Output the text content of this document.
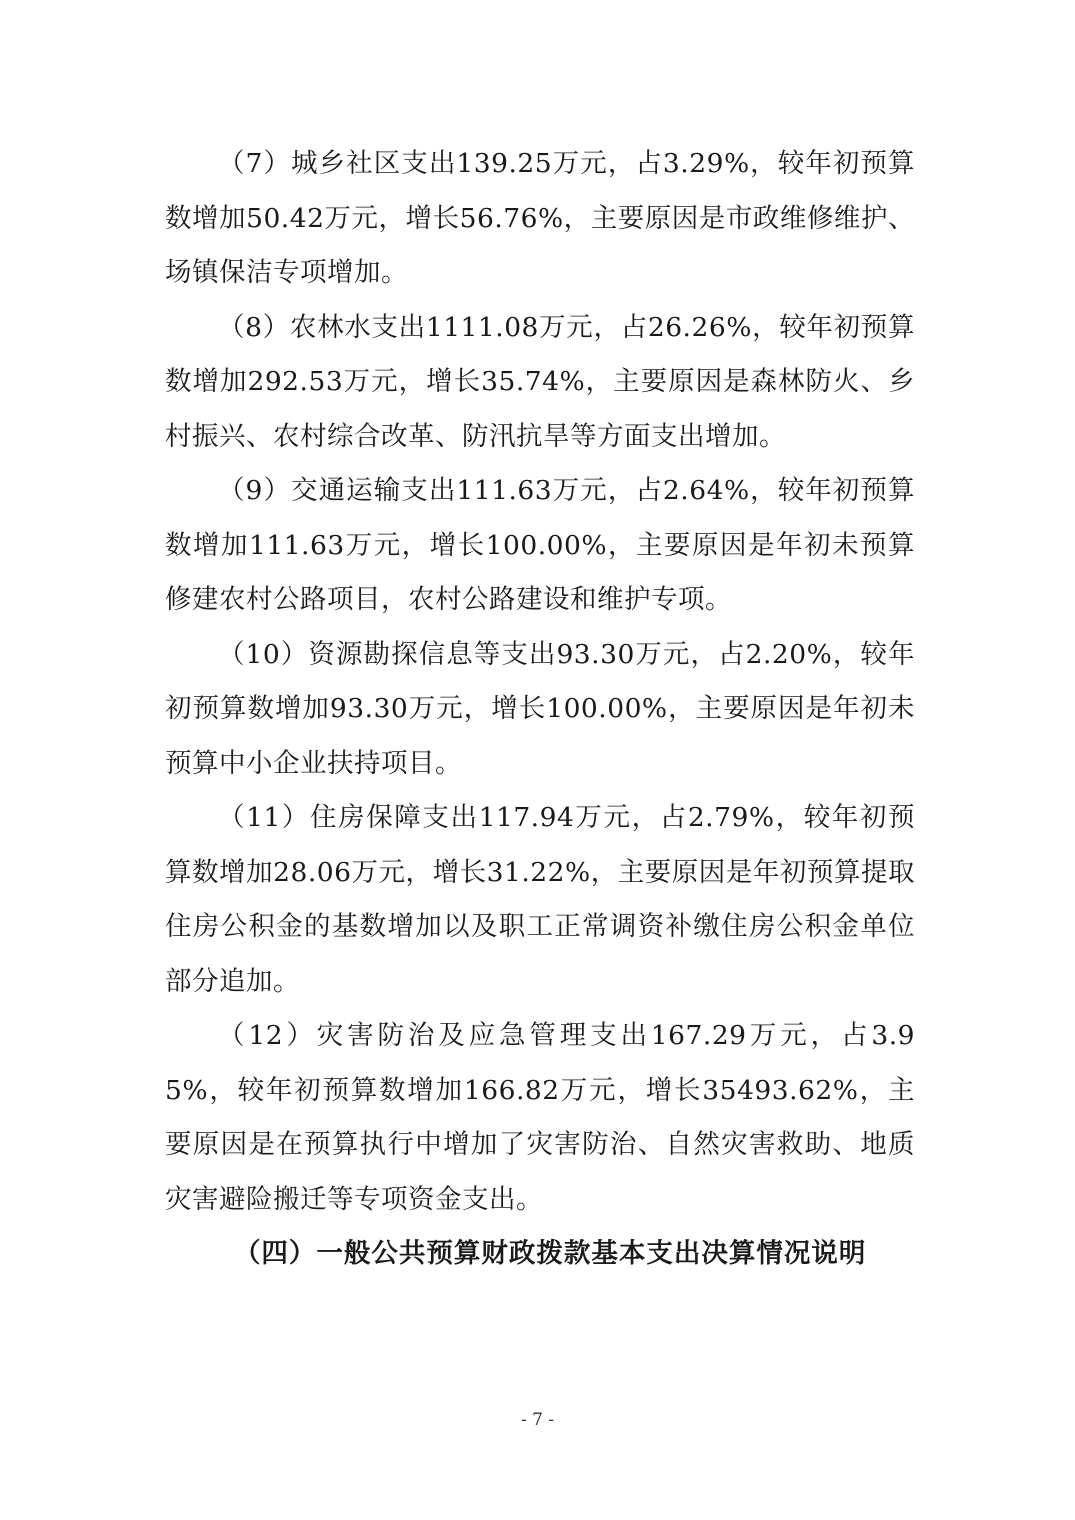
（7）城乡社区支出139.25万元，占3.29%，较年初预算数增加50.42万元，增长56.76%，主要原因是市政维修维护、场镇保洁专项增加。

（8）农林水支出1111.08万元，占26.26%，较年初预算数增加292.53万元，增长35.74%，主要原因是森林防火、乡村振兴、农村综合改革、防汛抗旱等方面支出增加。

（9）交通运输支出111.63万元，占2.64%，较年初预算数增加111.63万元，增长100.00%，主要原因是年初未预算修建农村公路项目，农村公路建设和维护专项。

（10）资源勘探信息等支出93.30万元，占2.20%，较年初预算数增加93.30万元，增长100.00%，主要原因是年初未预算中小企业扶持项目。

（11）住房保障支出117.94万元，占2.79%，较年初预算数增加28.06万元，增长31.22%，主要原因是年初预算提取住房公积金的基数增加以及职工正常调资补缴住房公积金单位部分追加。

（12）灾害防治及应急管理支出167.29万元，占3.95%，较年初预算数增加166.82万元，增长35493.62%，主要原因是在预算执行中增加了灾害防治、自然灾害救助、地质灾害避险搬迁等专项资金支出。

（四）一般公共预算财政拨款基本支出决算情况说明

- 7 -
